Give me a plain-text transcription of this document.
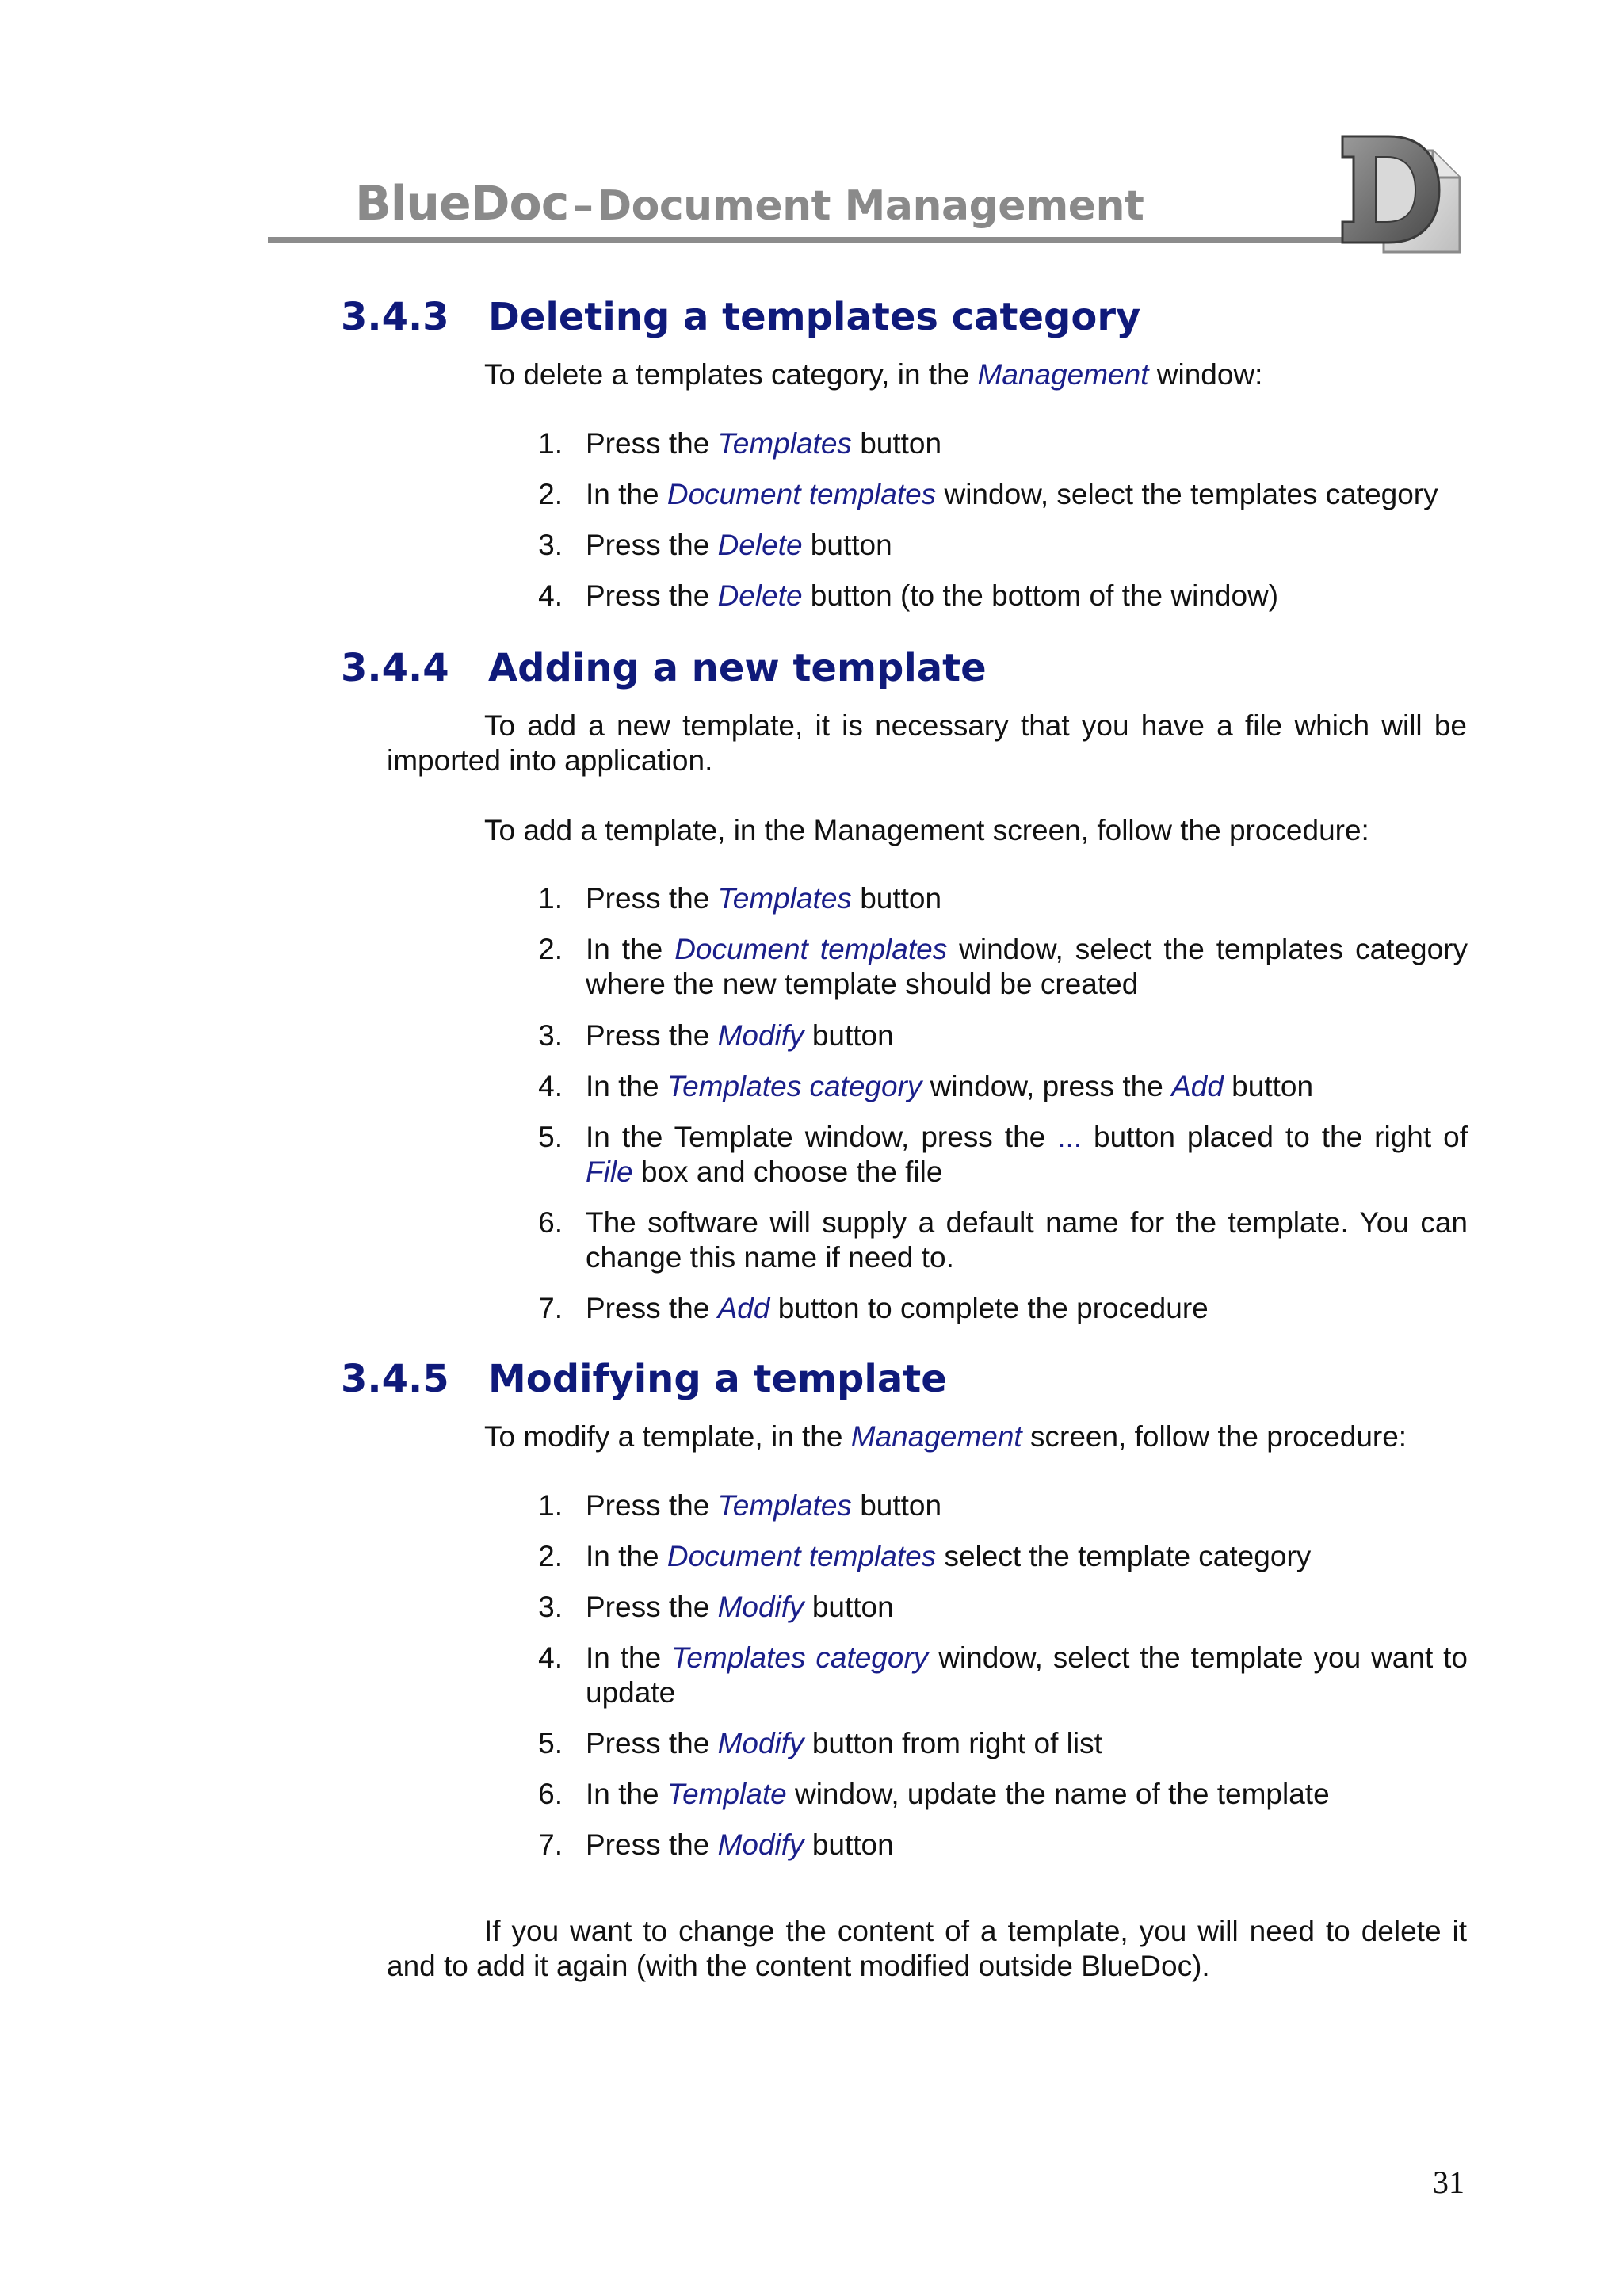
BlueDoc – Document Management
3.4.3 Deleting a templates category
To delete a templates category, in the Management window:
1. Press the Templates button
2. In the Document templates window, select the templates category
3. Press the Delete button
4. Press the Delete button (to the bottom of the window)
3.4.4 Adding a new template
To add a new template, it is necessary that you have a file which will be imported into application.
To add a template, in the Management screen, follow the procedure:
1. Press the Templates button
2. In the Document templates window, select the templates category where the new template should be created
3. Press the Modify button
4. In the Templates category window, press the Add button
5. In the Template window, press the ... button placed to the right of File box and choose the file
6. The software will supply a default name for the template. You can change this name if need to.
7. Press the Add button to complete the procedure
3.4.5 Modifying a template
To modify a template, in the Management screen, follow the procedure:
1. Press the Templates button
2. In the Document templates select the template category
3. Press the Modify button
4. In the Templates category window, select the template you want to update
5. Press the Modify button from right of list
6. In the Template window, update the name of the template
7. Press the Modify button
If you want to change the content of a template, you will need to delete it and to add it again (with the content modified outside BlueDoc).
31
